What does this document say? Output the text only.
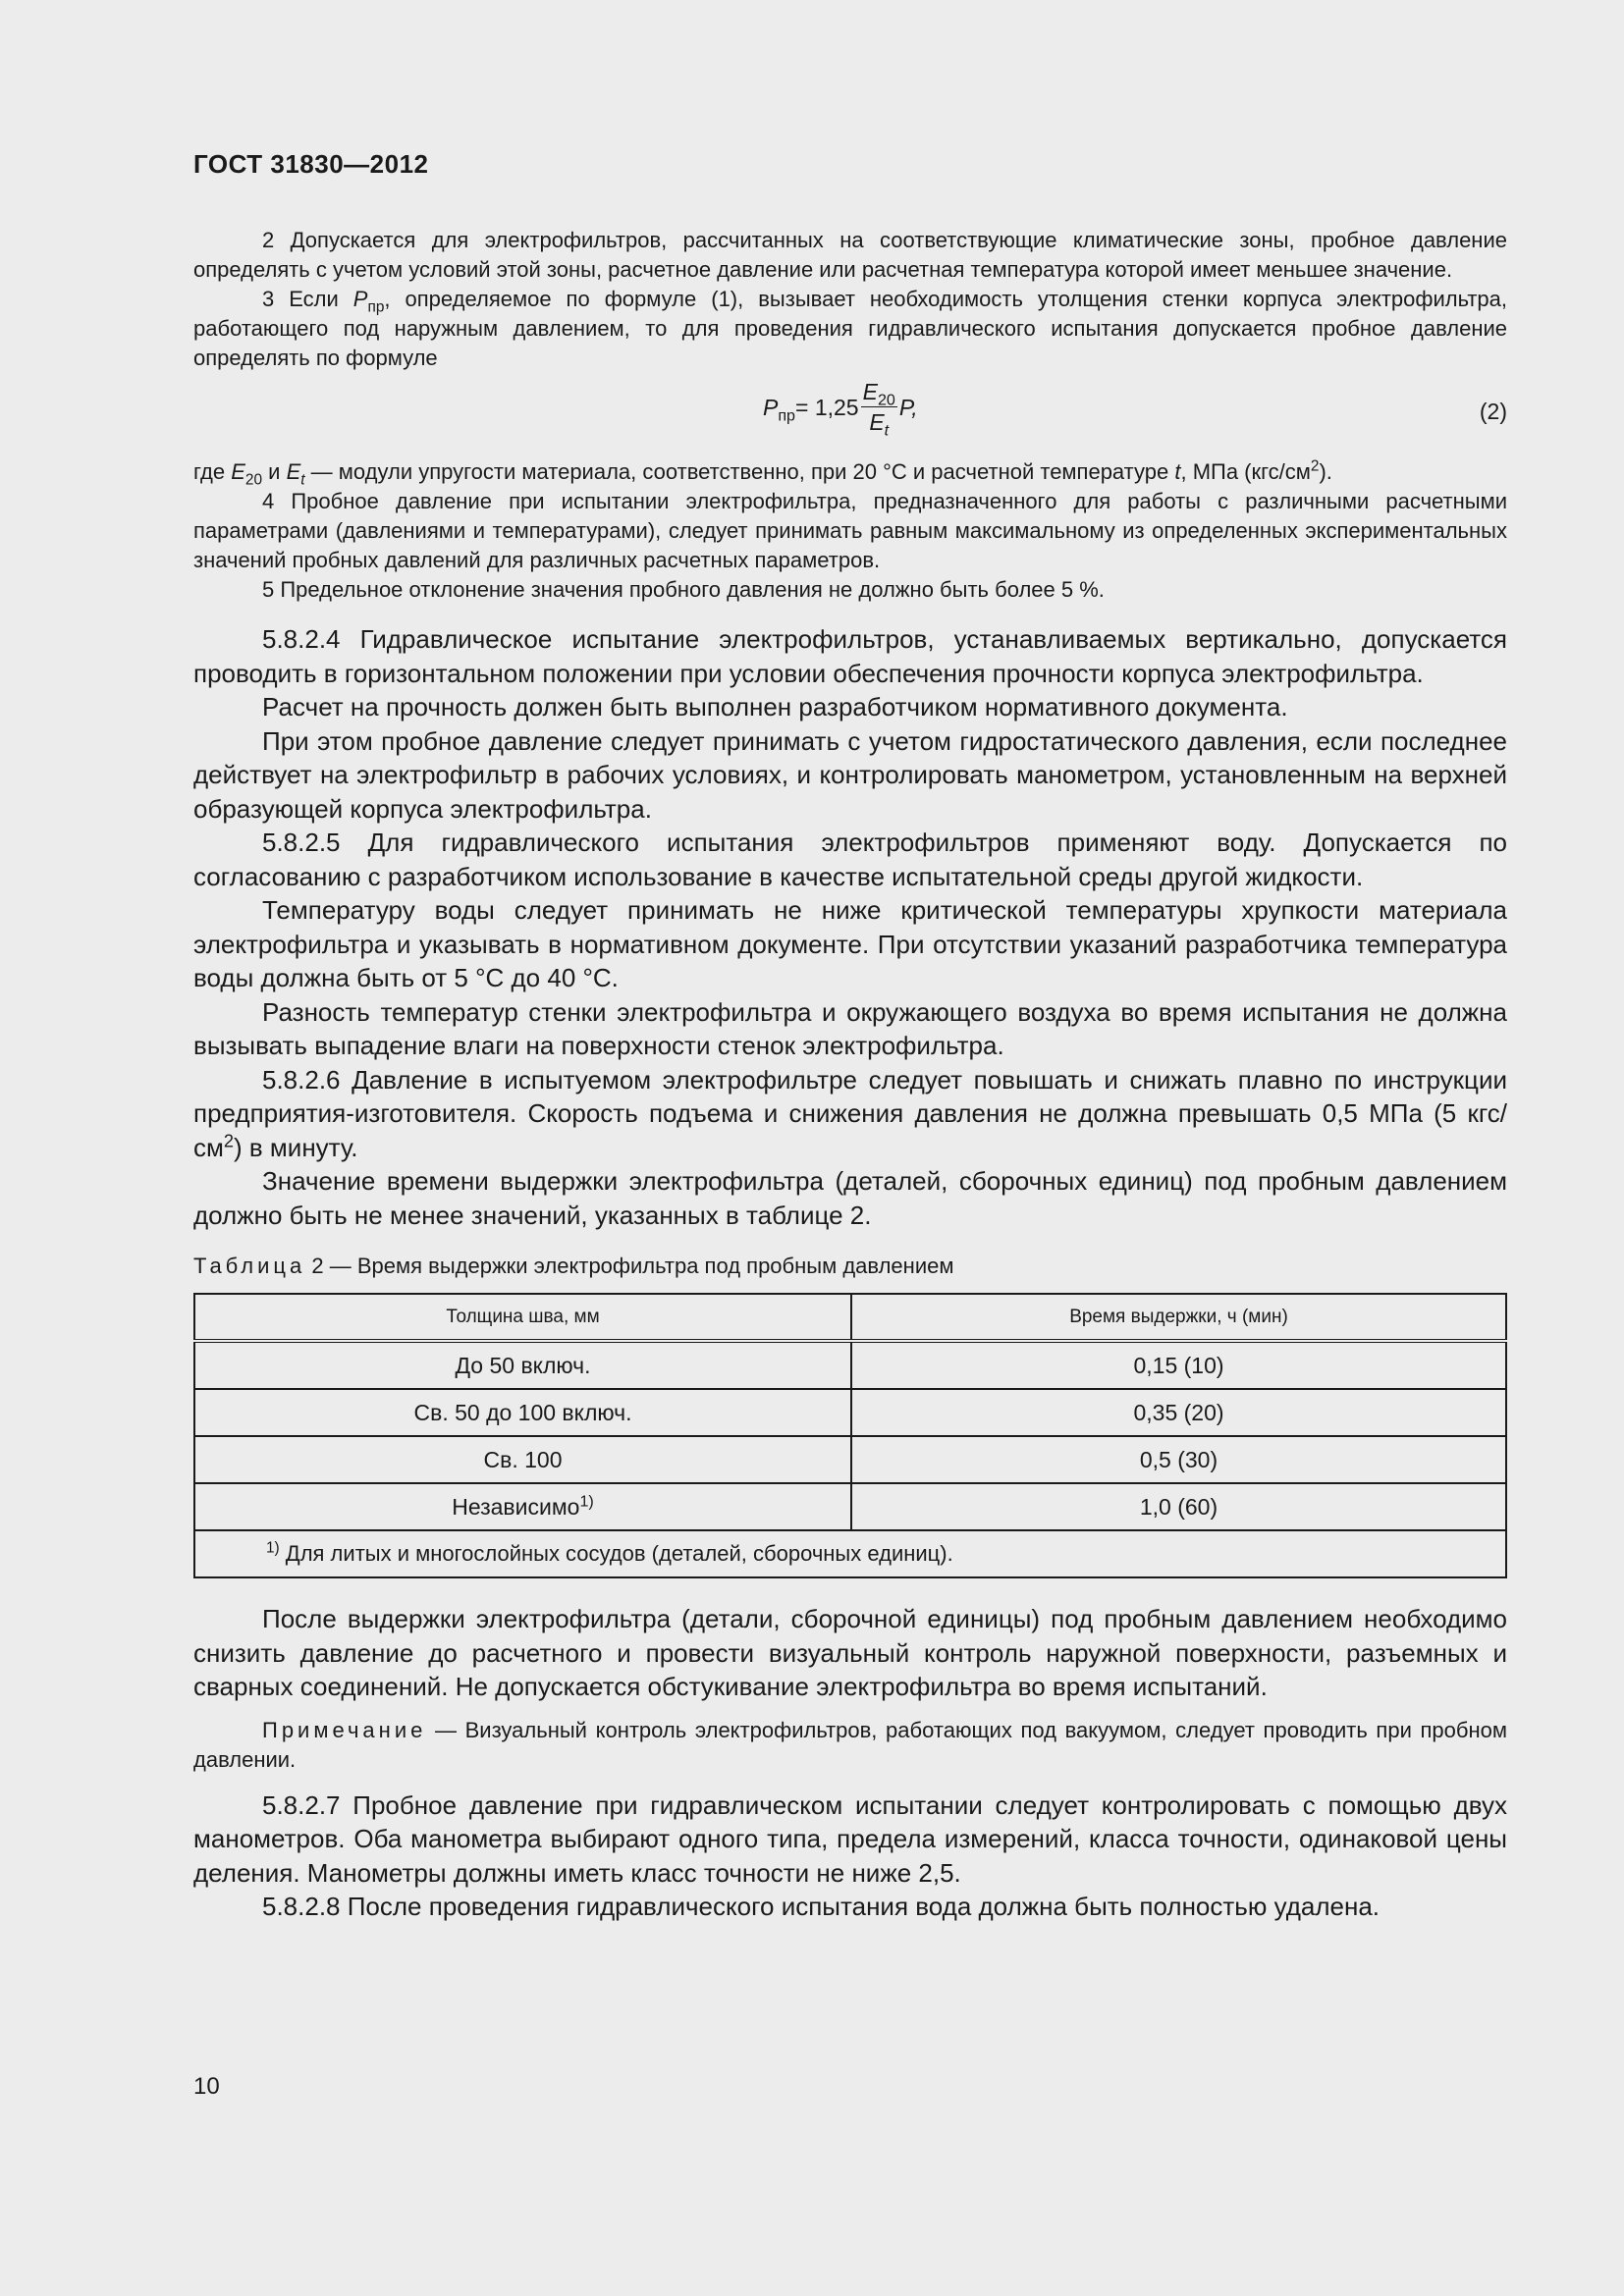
ГОСТ 31830—2012

2 Допускается для электрофильтров, рассчитанных на соответствующие климатические зоны, пробное давление определять с учетом условий этой зоны, расчетное давление или расчетная температура которой имеет меньшее значение.

3 Если $P_{пр}$, определяемое по формуле (1), вызывает необходимость утолщения стенки корпуса электрофильтра, работающего под наружным давлением, то для проведения гидравлического испытания допускается пробное давление определять по формуле

$P_{пр} = 1,25 \frac{E_{20}}{E_t} P$,	(2)

где $E_{20}$ и $E_t$ — модули упругости материала, соответственно, при 20 °С и расчетной температуре t, МПа $(кгс/см^2)$.

4 Пробное давление при испытании электрофильтра, предназначенного для работы с различными расчетными параметрами (давлениями и температурами), следует принимать равным максимальному из определенных экспериментальных значений пробных давлений для различных расчетных параметров.

5 Предельное отклонение значения пробного давления не должно быть более 5 %.

5.8.2.4 Гидравлическое испытание электрофильтров, устанавливаемых вертикально, допускается проводить в горизонтальном положении при условии обеспечения прочности корпуса электрофильтра.

Расчет на прочность должен быть выполнен разработчиком нормативного документа.

При этом пробное давление следует принимать с учетом гидростатического давления, если последнее действует на электрофильтр в рабочих условиях, и контролировать манометром, установленным на верхней образующей корпуса электрофильтра.

5.8.2.5 Для гидравлического испытания электрофильтров применяют воду. Допускается по согласованию с разработчиком использование в качестве испытательной среды другой жидкости.

Температуру воды следует принимать не ниже критической температуры хрупкости материала электрофильтра и указывать в нормативном документе. При отсутствии указаний разработчика температура воды должна быть от 5 °С до 40 °С.

Разность температур стенки электрофильтра и окружающего воздуха во время испытания не должна вызывать выпадение влаги на поверхности стенок электрофильтра.

5.8.2.6 Давление в испытуемом электрофильтре следует повышать и снижать плавно по инструкции предприятия-изготовителя. Скорость подъема и снижения давления не должна превышать 0,5 МПа (5 кгс/$см^2$) в минуту.

Значение времени выдержки электрофильтра (деталей, сборочных единиц) под пробным давлением должно быть не менее значений, указанных в таблице 2.

Таблица 2 — Время выдержки электрофильтра под пробным давлением
Толщина шва, мм	Время выдержки, ч (мин)
До 50 включ.	0,15 (10)
Св. 50 до 100 включ.	0,35 (20)
Св. 100	0,5 (30)
Независимо$^{1)}$	1,0 (60)
$^{1)}$ Для литых и многослойных сосудов (деталей, сборочных единиц).	

После выдержки электрофильтра (детали, сборочной единицы) под пробным давлением необходимо снизить давление до расчетного и провести визуальный контроль наружной поверхности, разъемных и сварных соединений. Не допускается обстукивание электрофильтра во время испытаний.

Примечание — Визуальный контроль электрофильтров, работающих под вакуумом, следует проводить при пробном давлении.

5.8.2.7 Пробное давление при гидравлическом испытании следует контролировать с помощью двух манометров. Оба манометра выбирают одного типа, предела измерений, класса точности, одинаковой цены деления. Манометры должны иметь класс точности не ниже 2,5.

5.8.2.8 После проведения гидравлического испытания вода должна быть полностью удалена.

10
